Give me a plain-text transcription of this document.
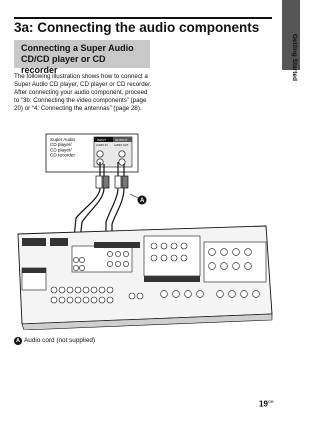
Getting Started
3a: Connecting the audio components
Connecting a Super Audio CD/CD player or CD recorder

The following illustration shows how to connect a Super Audio CD player, CD player or CD recorder.

After connecting your audio component, proceed to “3b: Connecting the video components” (page 20) or “4: Connecting the antennas” (page 28).

Super Audio CD player/ CD player/ CD recorder
INPUT	OUTPUT
AUDIO IN AUDIO OUT
A
A Audio cord (not supplied)
$19^{GB}$
